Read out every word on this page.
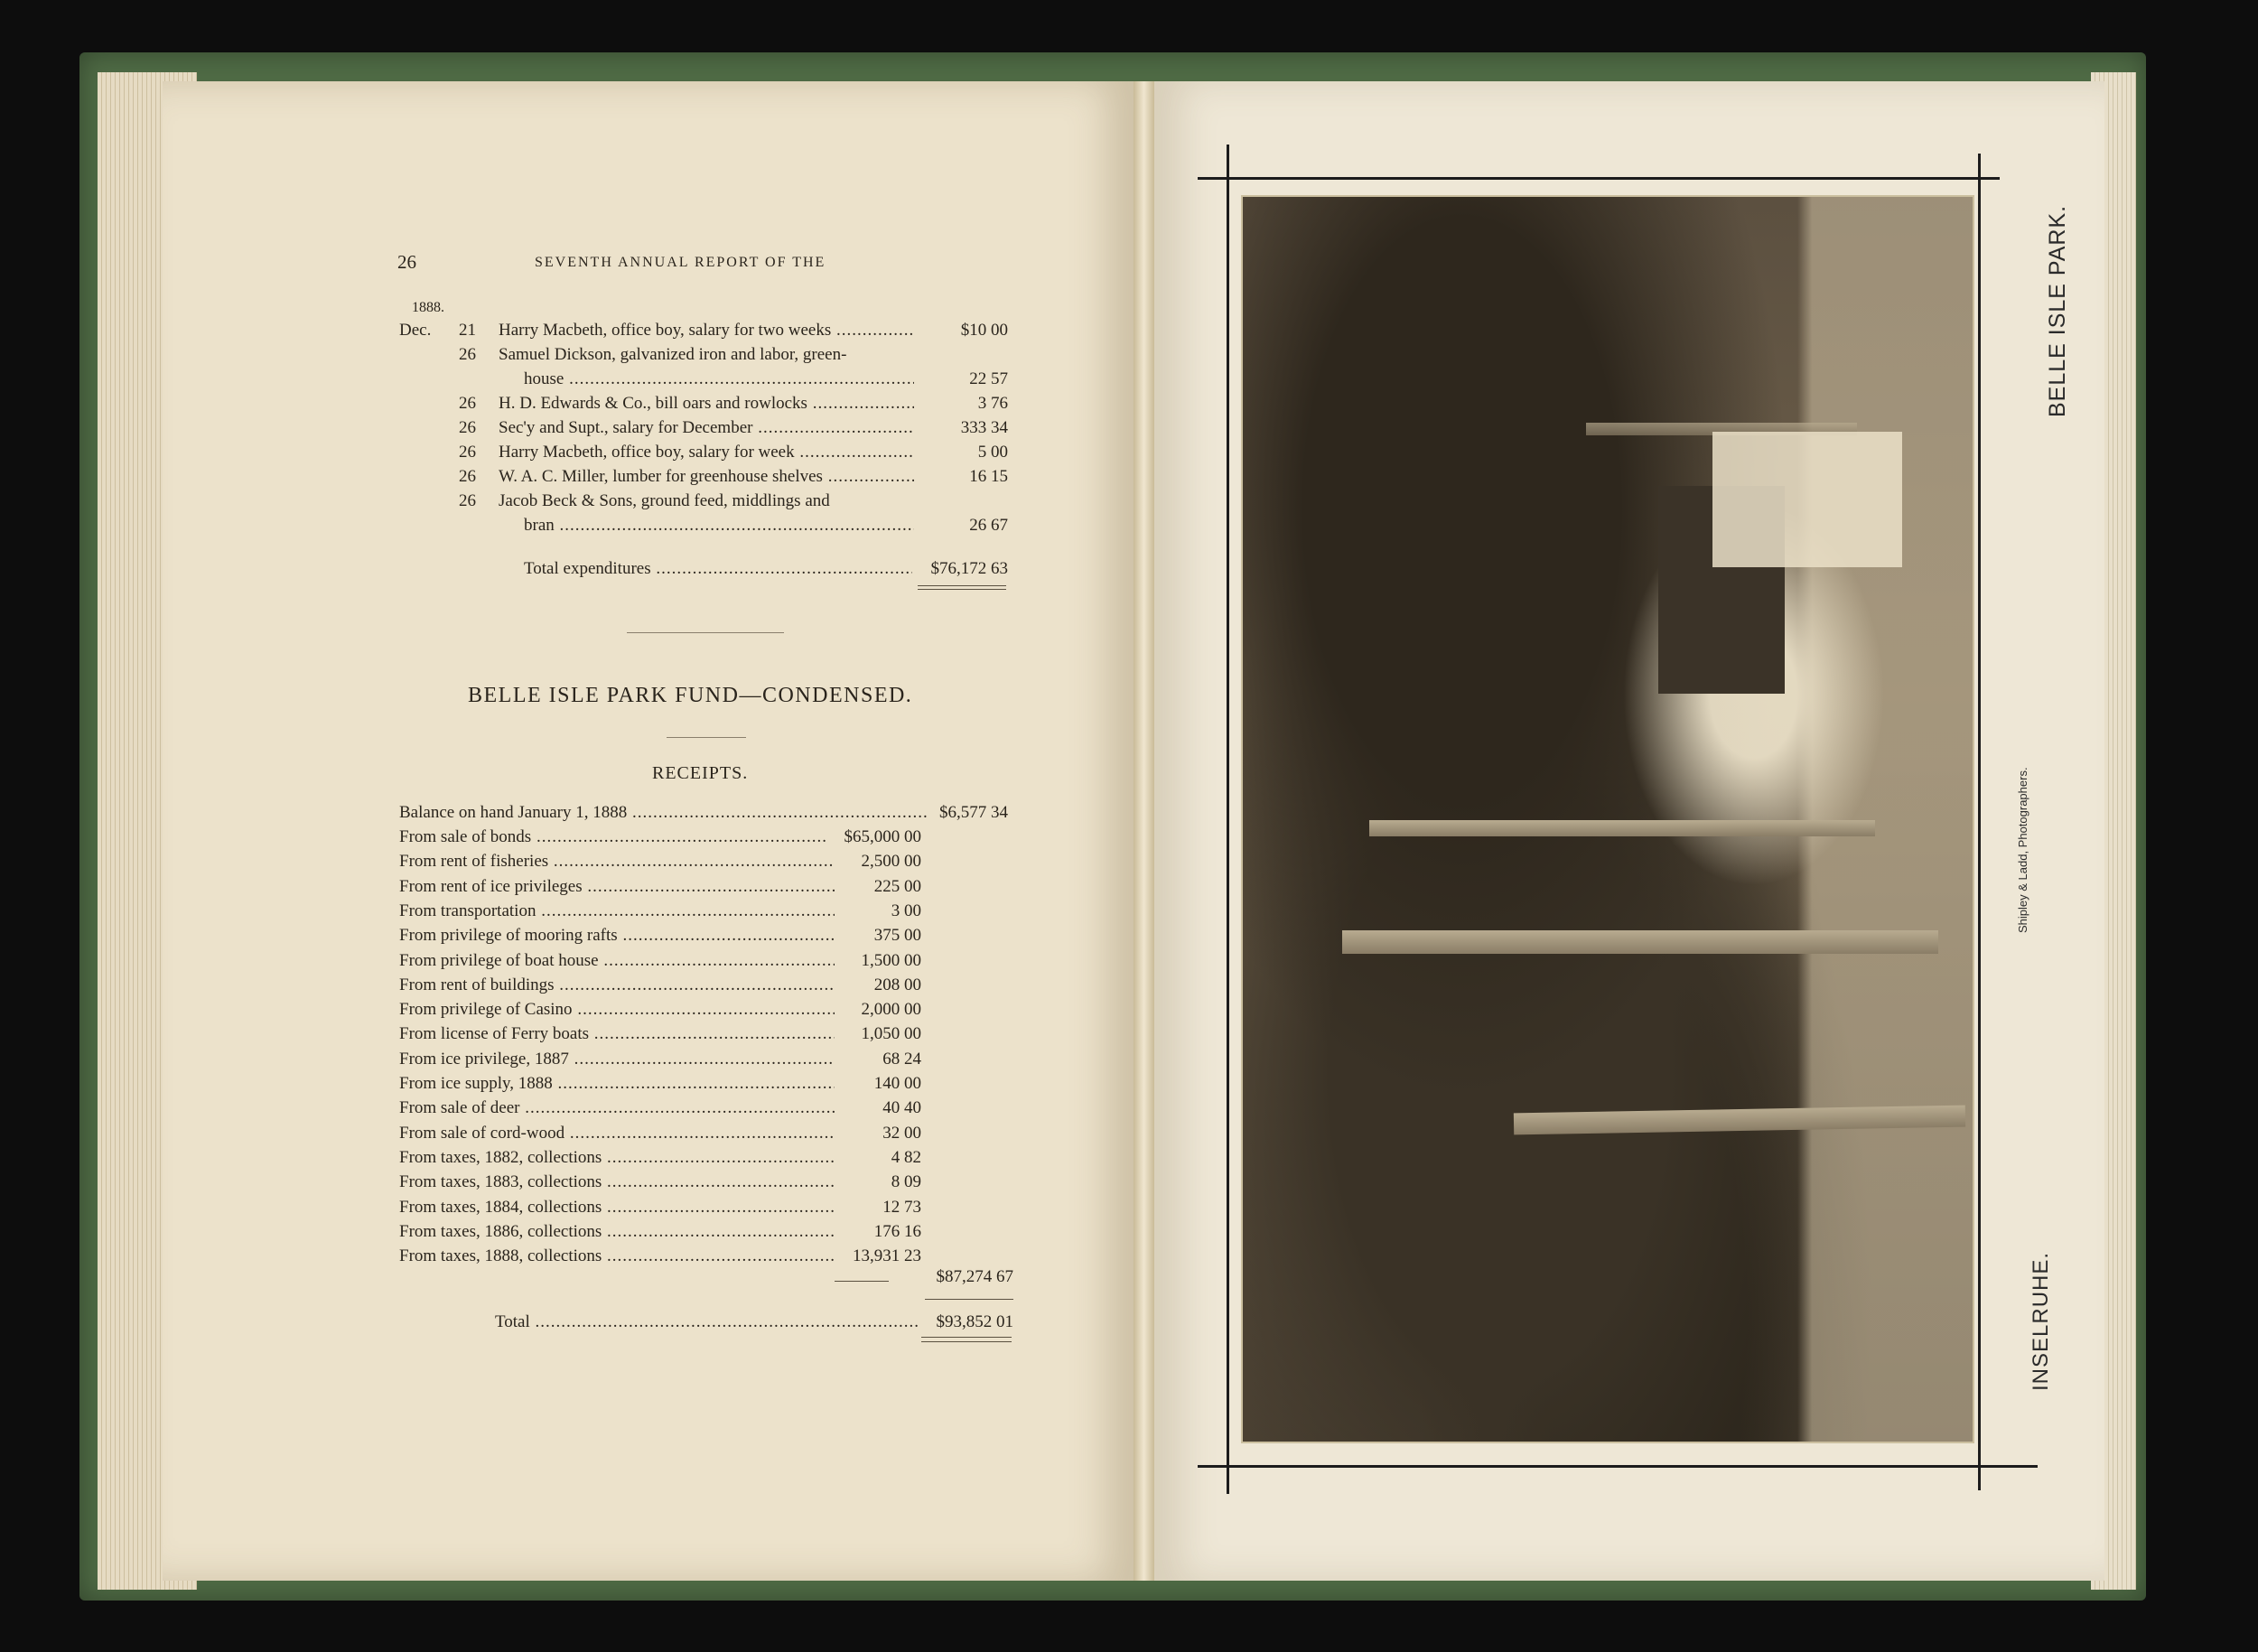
26	SEVENTH ANNUAL REPORT OF THE
1888.
Dec. 21 Harry Macbeth, office boy, salary for two weeks .....	$10 00
26 Samuel Dickson, galvanized iron and labor, green-
house .....	22 57
26 H. D. Edwards & Co., bill oars and rowlocks .....	3 76
26 Sec'y and Supt., salary for December .....	333 34
26 Harry Macbeth, office boy, salary for week .....	5 00
26 W. A. C. Miller, lumber for greenhouse shelves .....	16 15
26 Jacob Beck & Sons, ground feed, middlings and
bran .....	26 67
Total expenditures .....	$76,172 63
BELLE ISLE PARK FUND—CONDENSED.
RECEIPTS.
Balance on hand January 1, 1888 .....	$6,577 34
From sale of bonds .....	$65,000 00
From rent of fisheries .....	2,500 00
From rent of ice privileges .....	225 00
From transportation .....	3 00
From privilege of mooring rafts .....	375 00
From privilege of boat house .....	1,500 00
From rent of buildings .....	208 00
From privilege of Casino .....	2,000 00
From license of Ferry boats .....	1,050 00
From ice privilege, 1887 .....	68 24
From ice supply, 1888 .....	140 00
From sale of deer .....	40 40
From sale of cord-wood .....	32 00
From taxes, 1882, collections .....	4 82
From taxes, 1883, collections .....	8 09
From taxes, 1884, collections .....	12 73
From taxes, 1886, collections .....	176 16
From taxes, 1888, collections .....	13,931 23
$87,274 67
Total .....	$93,852 01
BELLE ISLE PARK.
Shipley & Ladd, Photographers.
INSELRUHE.
